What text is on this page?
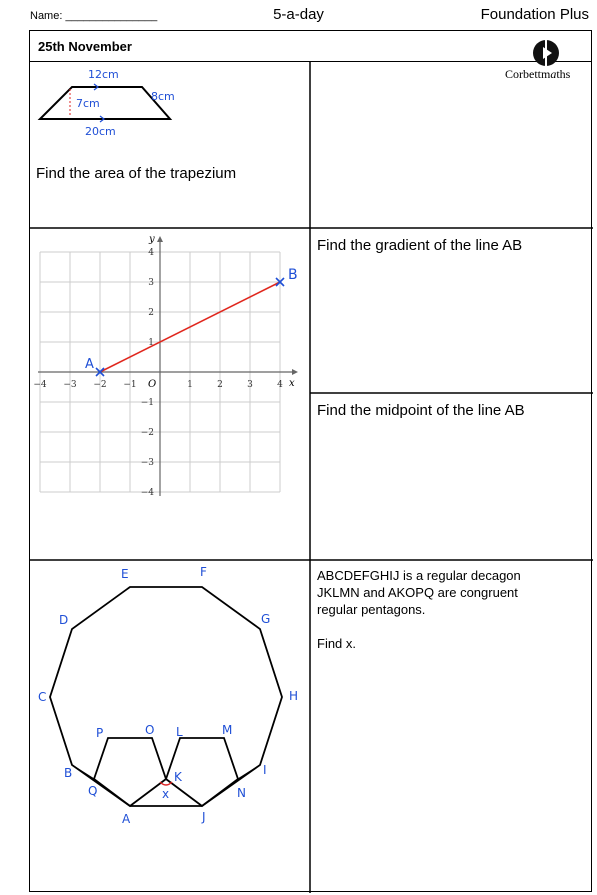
Name: _______________	5-a-day	Foundation Plus
25th November
Corbettmaths
12cm
8cm
7cm
20cm
Find the area of the trapezium
x
y
O
−4 −3 −2 −1	1	2	3	4
4
3
2
1
−1
−2
−3
−4
A
B
Find the gradient of the line AB
Find the midpoint of the line AB
A
B
C
D
E	F
G
H
I
J
K
L	M
N
O
P
Q	x
ABCDEFGHIJ is a regular decagon
JKLMN and AKOPQ are congruent
regular pentagons.
Find x.
